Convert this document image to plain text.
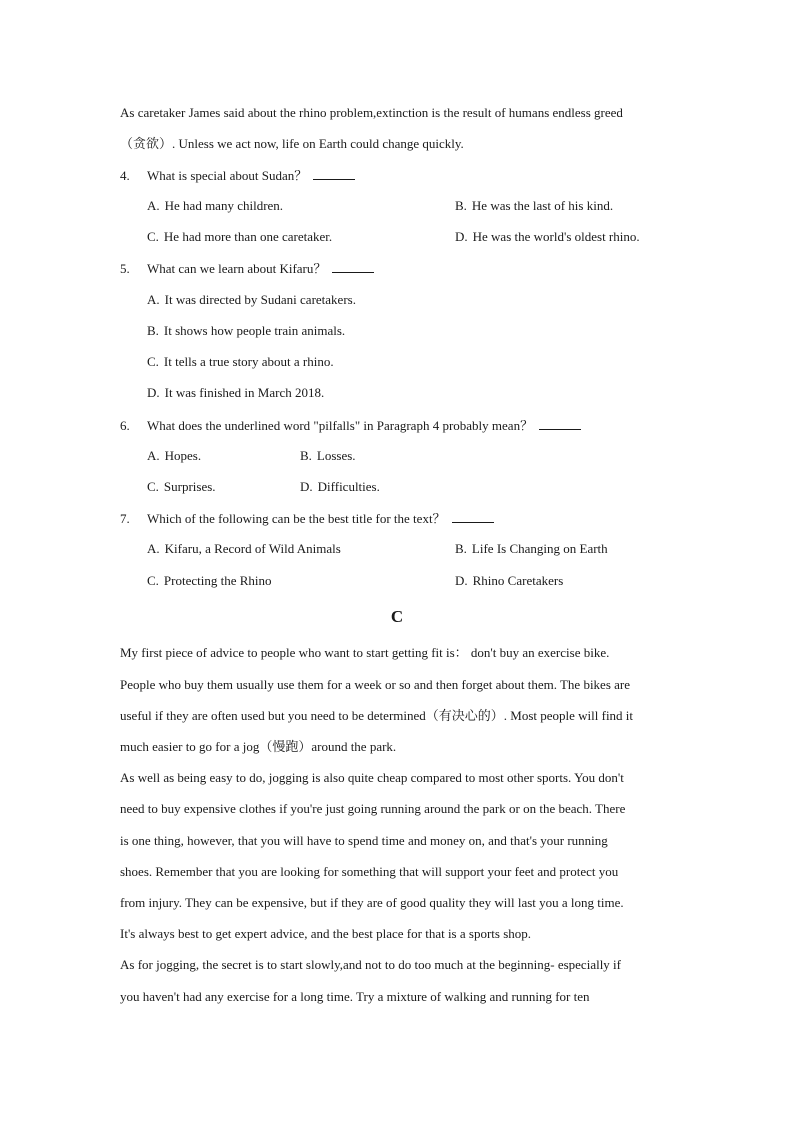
As caretaker James said about the rhino problem,extinction is the result of humans endless greed
（贪欲）. Unless we act now, life on Earth could change quickly.
4. What is special about Sudan？
A. He had many children.	B. He was the last of his kind.
C. He had more than one caretaker.	D. He was the world's oldest rhino.
5. What can we learn about Kifaru？
A. It was directed by Sudani caretakers.
B. It shows how people train animals.
C. It tells a true story about a rhino.
D. It was finished in March 2018.
6. What does the underlined word "pilfalls" in Paragraph 4 probably mean？
A. Hopes.	B. Losses.
C. Surprises.	D. Difficulties.
7. Which of the following can be the best title for the text？
A. Kifaru, a Record of Wild Animals	B. Life Is Changing on Earth
C. Protecting the Rhino	D. Rhino Caretakers
C
My first piece of advice to people who want to start getting fit is： don't buy an exercise bike.
People who buy them usually use them for a week or so and then forget about them. The bikes are
useful if they are often used but you need to be determined（有决心的）. Most people will find it
much easier to go for a jog（慢跑）around the park.
As well as being easy to do, jogging is also quite cheap compared to most other sports. You don't
need to buy expensive clothes if you're just going running around the park or on the beach. There
is one thing, however, that you will have to spend time and money on, and that's your running
shoes. Remember that you are looking for something that will support your feet and protect you
from injury. They can be expensive, but if they are of good quality they will last you a long time.
It's always best to get expert advice, and the best place for that is a sports shop.
As for jogging, the secret is to start slowly,and not to do too much at the beginning- especially if
you haven't had any exercise for a long time. Try a mixture of walking and running for ten
